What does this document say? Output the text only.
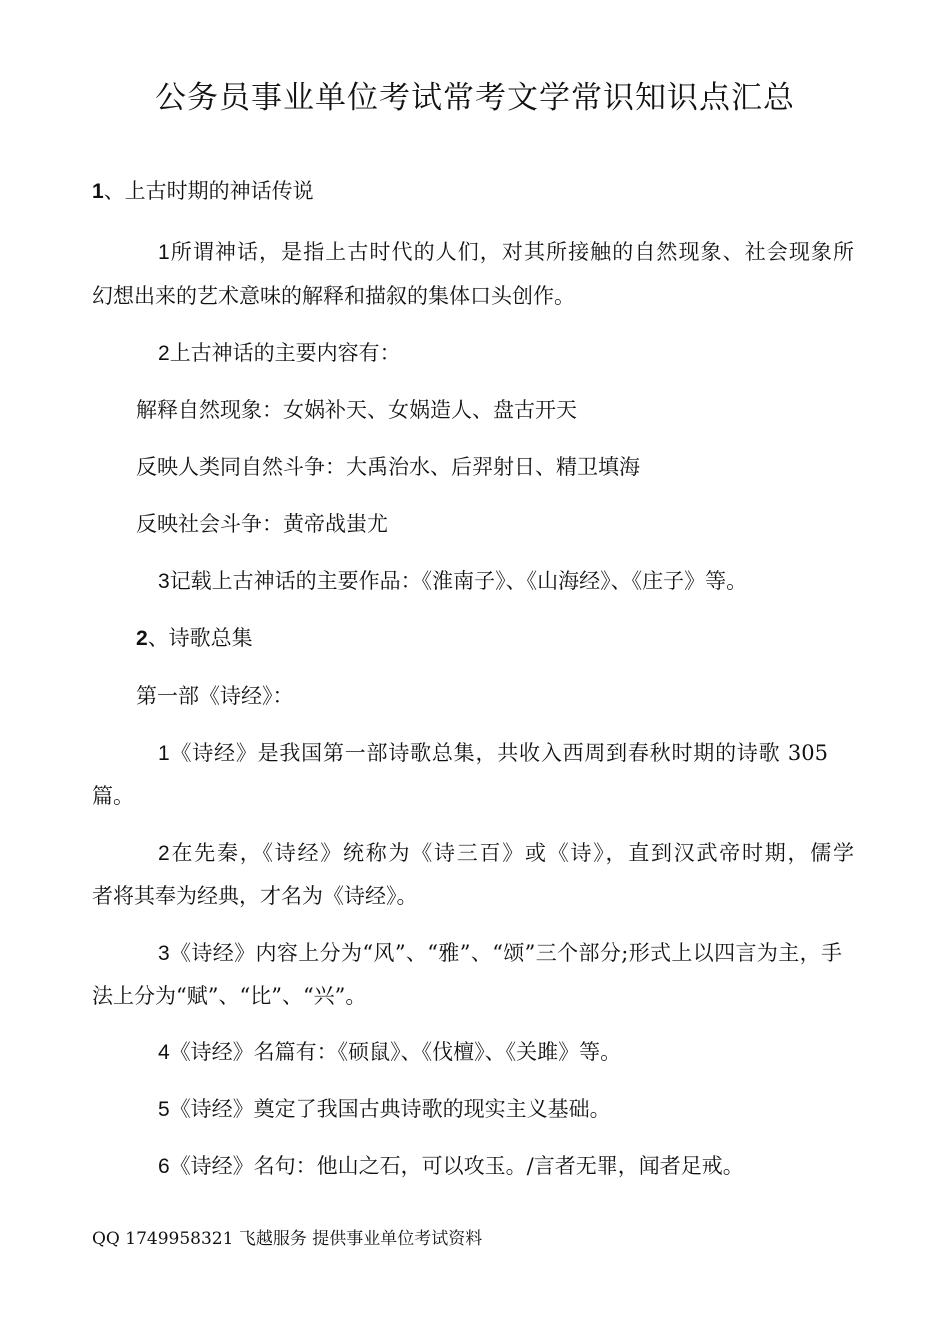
公务员事业单位考试常考文学常识知识点汇总
1、上古时期的神话传说
1所谓神话，是指上古时代的人们，对其所接触的自然现象、社会现象所
幻想出来的艺术意味的解释和描叙的集体口头创作。
2上古神话的主要内容有：
解释自然现象：女娲补天、女娲造人、盘古开天
反映人类同自然斗争：大禹治水、后羿射日、精卫填海
反映社会斗争：黄帝战蚩尤
3记载上古神话的主要作品：《淮南子》、《山海经》、《庄子》等。
2、诗歌总集
第一部《诗经》：
1《诗经》是我国第一部诗歌总集，共收入西周到春秋时期的诗歌 305
篇。
2在先秦，《诗经》统称为《诗三百》或《诗》，直到汉武帝时期，儒学
者将其奉为经典，才名为《诗经》。
3《诗经》内容上分为“风”、“雅”、“颂”三个部分;形式上以四言为主，手
法上分为“赋”、“比”、“兴”。
4《诗经》名篇有：《硕鼠》、《伐檀》、《关雎》等。
5《诗经》奠定了我国古典诗歌的现实主义基础。
6《诗经》名句：他山之石，可以攻玉。/言者无罪，闻者足戒。
QQ 1749958321 飞越服务 提供事业单位考试资料
